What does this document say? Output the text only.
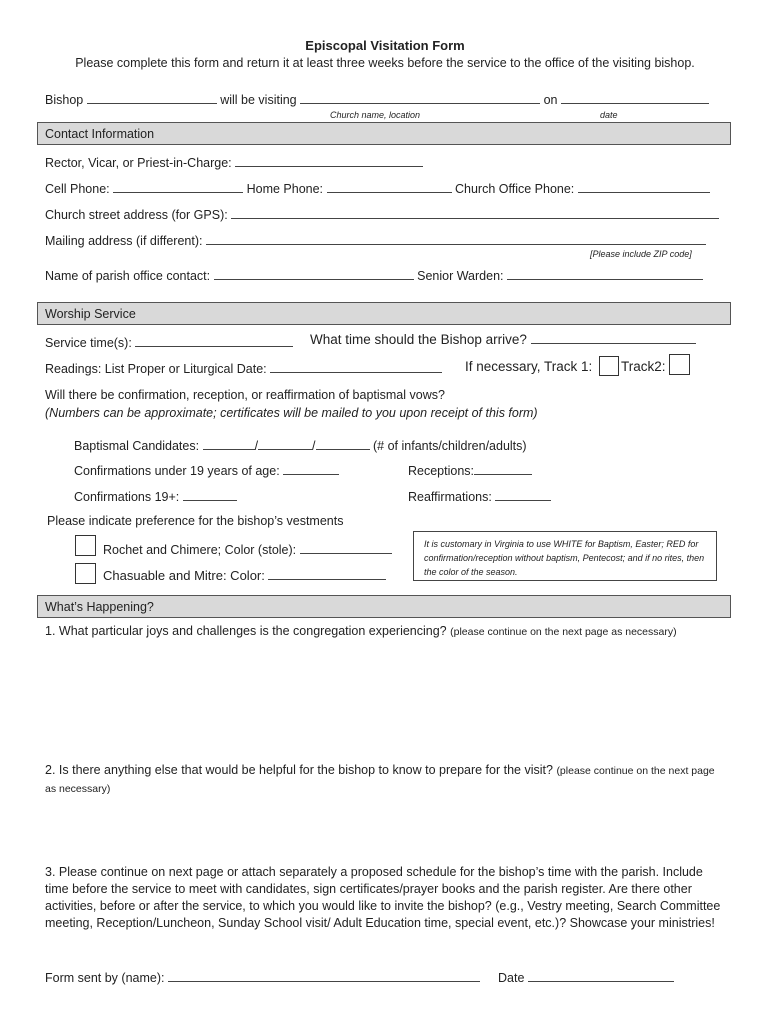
Episcopal Visitation Form
Please complete this form and return it at least three weeks before the service to the office of the visiting bishop.
Bishop	will be visiting	on
Church name, location	date
Contact Information
Rector, Vicar, or Priest-in-Charge:
Cell Phone:	Home Phone:	Church Office Phone:
Church street address (for GPS):
Mailing address (if different):
[Please include ZIP code]
Name of parish office contact:	Senior Warden:
Worship Service
Service time(s):	What time should the Bishop arrive?
Readings: List Proper or Liturgical Date:	If necessary, Track 1: Track2:
Will there be confirmation, reception, or reaffirmation of baptismal vows?
(Numbers can be approximate; certificates will be mailed to you upon receipt of this form)
Baptismal Candidates:	/	/	(# of infants/children/adults)
Confirmations under 19 years of age:	Receptions:
Confirmations 19+:	Reaffirmations:
Please indicate preference for the bishop’s vestments
Rochet and Chimere; Color (stole):
Chasuable and Mitre: Color:
It is customary in Virginia to use WHITE for Baptism, Easter; RED for confirmation/reception without baptism, Pentecost; and if no rites, then the color of the season.
What’s Happening?
1. What particular joys and challenges is the congregation experiencing? (please continue on the next page as necessary)
2. Is there anything else that would be helpful for the bishop to know to prepare for the visit? (please continue on the next page as necessary)
3. Please continue on next page or attach separately a proposed schedule for the bishop’s time with the parish. Include time before the service to meet with candidates, sign certificates/prayer books and the parish register. Are there other activities, before or after the service, to which you would like to invite the bishop? (e.g., Vestry meeting, Search Committee meeting, Reception/Luncheon, Sunday School visit/ Adult Education time, special event, etc.)? Showcase your ministries!
Form sent by (name):	Date
